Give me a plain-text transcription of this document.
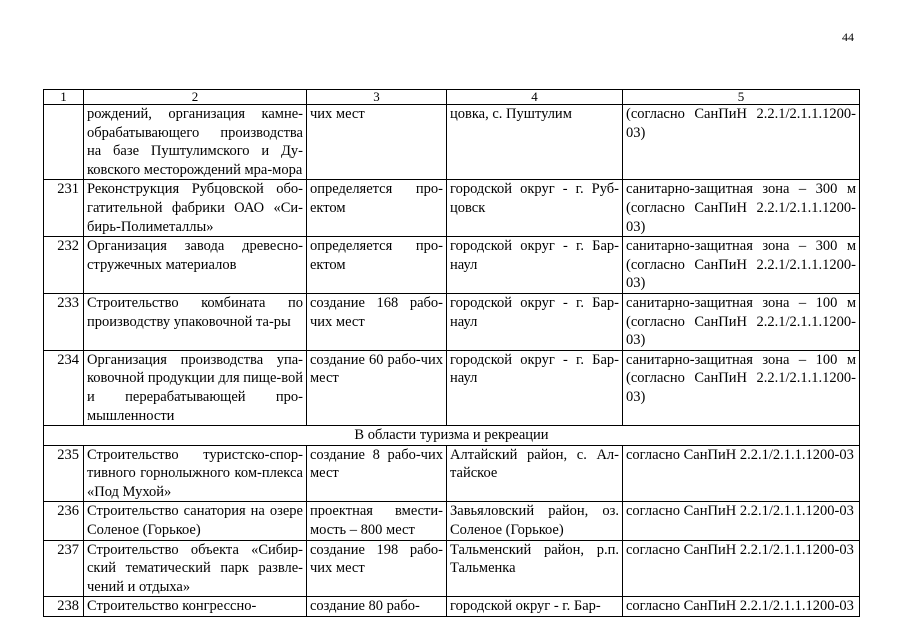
44
1	2	3	4	5
	рождений, организация камне-обрабатывающего производства на базе Пуштулимского и Ду-ковского месторождений мра-мора	чих мест	цовка, с. Пуштулим	(согласно СанПиН 2.2.1/2.1.1.1200-03)
231	Реконструкция Рубцовской обо-гатительной фабрики ОАО «Си-бирь-Полиметаллы»	определяется про-ектом	городской округ - г. Руб-цовск	санитарно-защитная зона – 300 м (согласно СанПиН 2.2.1/2.1.1.1200-03)
232	Организация завода древесно-стружечных материалов	определяется про-ектом	городской округ - г. Бар-наул	санитарно-защитная зона – 300 м (согласно СанПиН 2.2.1/2.1.1.1200-03)
233	Строительство комбината по производству упаковочной та-ры	создание 168 рабо-чих мест	городской округ - г. Бар-наул	санитарно-защитная зона – 100 м (согласно СанПиН 2.2.1/2.1.1.1200-03)
234	Организация производства упа-ковочной продукции для пище-вой и перерабатывающей про-мышленности	создание 60 рабо-чих мест	городской округ - г. Бар-наул	санитарно-защитная зона – 100 м (согласно СанПиН 2.2.1/2.1.1.1200-03)
В области туризма и рекреации				
235	Строительство туристско-спор-тивного горнолыжного ком-плекса «Под Мухой»	создание 8 рабо-чих мест	Алтайский район, с. Ал-тайское	согласно СанПиН 2.2.1/2.1.1.1200-03
236	Строительство санатория на озере Соленое (Горькое)	проектная вмести-мость – 800 мест	Завьяловский район, оз. Соленое (Горькое)	согласно СанПиН 2.2.1/2.1.1.1200-03
237	Строительство объекта «Сибир-ский тематический парк развле-чений и отдыха»	создание 198 рабо-чих мест	Тальменский район, р.п. Тальменка	согласно СанПиН 2.2.1/2.1.1.1200-03
238	Строительство конгрессно-	создание 80 рабо-	городской округ - г. Бар-	согласно СанПиН 2.2.1/2.1.1.1200-03
